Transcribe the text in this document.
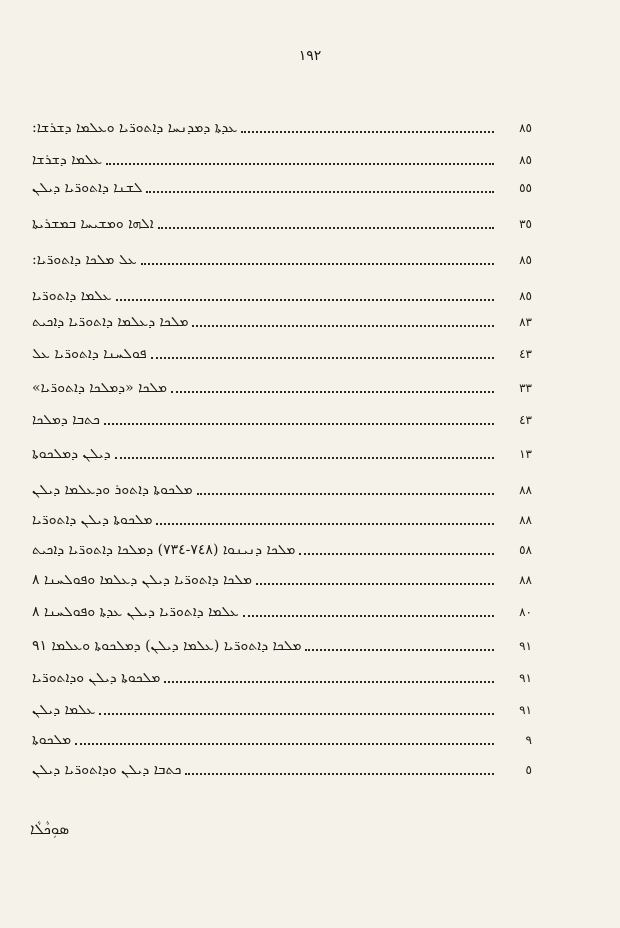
١٩٢
ܥܕܬܐ ܕܡܕܢܚܐ ܕܐܬܘܪ̈ܝܐ ܘܥܠܡܐ ܕܫܪܫܐ:	٨٥
ܥܠܡܐ ܕܫܪܫܐ	٨٥
ܠܫܢܐ ܕܐܬܘܪ̈ܝܐ ܕܝܠܢ	٥٥
ܐܠܗܐ ܘܡܫܝܚܐ ܒܡܫܪܝܬܐ	٣٥
ܥܠ ܡܠܟܐ ܕܐܬܘܪ̈ܝܐ:	٨٥
ܥܠܡܐ ܕܐܬܘܪ̈ܝܐ	٨٥
ܡܠܟܐ ܕܥܠܡܐ ܕܐܬܘܪ̈ܝܐ ܕܐܟܝܬ	٨٣
ܦܘܠܚܢܐ ܕܐܬܘܪ̈ܝܐ ܥܠ	٤٣
ܡܠܟܐ «ܕܡܠܟܐ ܕܐܬܘܪ̈ܝܐ»	٣٣
ܟܬܒܐ ܕܡܠܟܐ	٤٣
ܕܝܠܢ ܕܡܠܟܘܬܐ	١٣
ܡܠܟܘܬܐ ܕܐܬܘܪ ܘܕܥܠܡܐ ܕܝܠܢ	٨٨
ܡܠܟܘܬܐ ܕܝܠܢ ܕܐܬܘܪ̈ܝܐ	٨٨
ܡܠܟܐ ܕܢܝܢܘܐ (٧٤٨-٧٣٤) ܕܡܠܟܐ ܕܐܬܘܪ̈ܝܐ ܕܐܟܝܬ	٥٨
ܡܠܟܐ ܕܐܬܘܪ̈ܝܐ ܕܝܠܢ ܕܥܠܡܐ ܘܦܘܠܚܢܐ ٨	٨٨
ܥܠܡܐ ܕܐܬܘܪ̈ܝܐ ܕܝܠܢ ܥܕܬܐ ܘܦܘܠܚܢܐ ٨	٨٠
ܡܠܟܐ ܕܐܬܘܪ̈ܝܐ (ܥܠܡܐ ܕܝܠܢ) ܕܡܠܟܘܬܐ ܘܥܠܡܐ ٩١	٩١
ܡܠܟܘܬܐ ܕܝܠܢ ܘܕܐܬܘܪ̈ܝܐ	٩١
ܥܠܡܐ ܕܝܠܢ	٩١
ܡܠܟܘܬܐ	٩
ܟܬܒܐ ܕܝܠܢ ܘܕܐܬܘܪ̈ܝܐ ܕܝܠܢ	٥
ܣܘܼܟܵܠܵܐ
